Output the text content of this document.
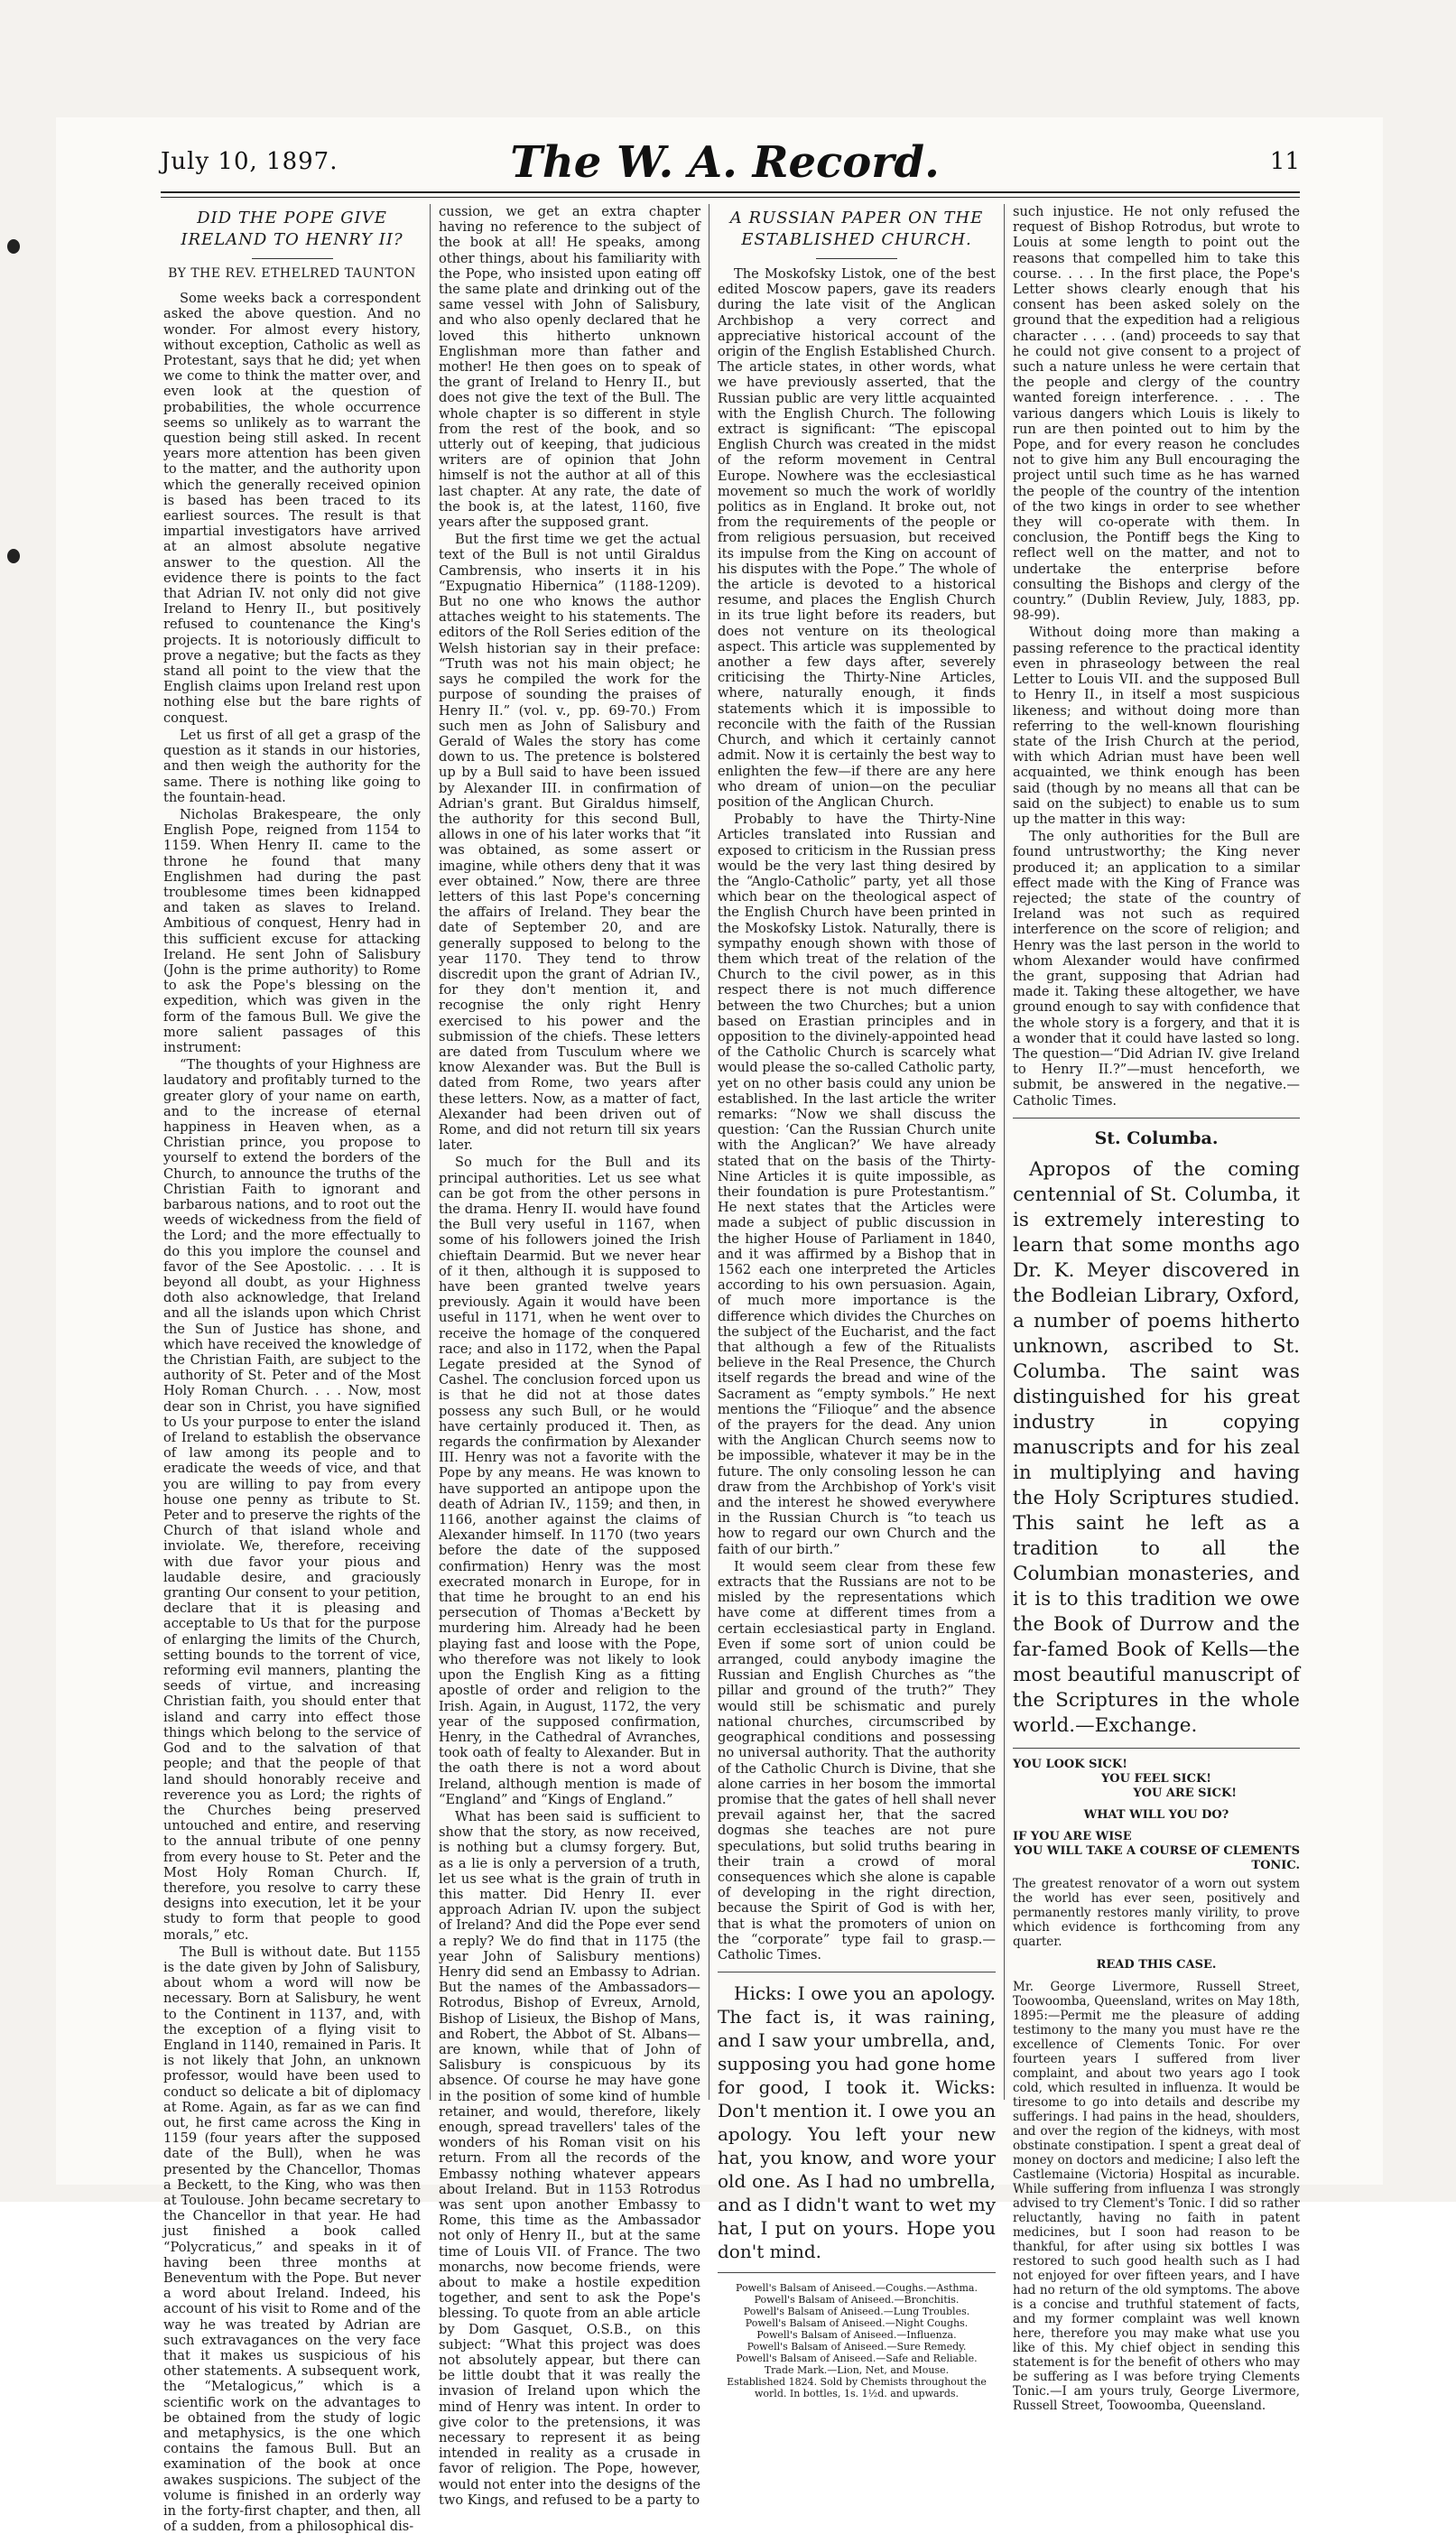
July 10, 1897.	The W. A. Record.	11
DID THE POPE GIVE IRELAND TO HENRY II?
BY THE REV. ETHELRED TAUNTON

Some weeks back a correspondent asked the above question. And no wonder. For almost every history, without exception, Catholic as well as Protestant, says that he did; yet when we come to think the matter over, and even look at the question of probabilities, the whole occurrence seems so unlikely as to warrant the question being still asked. In recent years more attention has been given to the matter, and the authority upon which the generally received opinion is based has been traced to its earliest sources. The result is that impartial investigators have arrived at an almost absolute negative answer to the question. All the evidence there is points to the fact that Adrian IV. not only did not give Ireland to Henry II., but positively refused to countenance the King's projects. It is notoriously difficult to prove a negative; but the facts as they stand all point to the view that the English claims upon Ireland rest upon nothing else but the bare rights of conquest.

Let us first of all get a grasp of the question as it stands in our histories, and then weigh the authority for the same. There is nothing like going to the fountain-head.

Nicholas Brakespeare, the only English Pope, reigned from 1154 to 1159. When Henry II. came to the throne he found that many Englishmen had during the past troublesome times been kidnapped and taken as slaves to Ireland. Ambitious of conquest, Henry had in this sufficient excuse for attacking Ireland. He sent John of Salisbury (John is the prime authority) to Rome to ask the Pope's blessing on the expedition, which was given in the form of the famous Bull. We give the more salient passages of this instrument:

“The thoughts of your Highness are laudatory and profitably turned to the greater glory of your name on earth, and to the increase of eternal happiness in Heaven when, as a Christian prince, you propose to yourself to extend the borders of the Church, to announce the truths of the Christian Faith to ignorant and barbarous nations, and to root out the weeds of wickedness from the field of the Lord; and the more effectually to do this you implore the counsel and favor of the See Apostolic. . . . It is beyond all doubt, as your Highness doth also acknowledge, that Ireland and all the islands upon which Christ the Sun of Justice has shone, and which have received the knowledge of the Christian Faith, are subject to the authority of St. Peter and of the Most Holy Roman Church. . . . Now, most dear son in Christ, you have signified to Us your purpose to enter the island of Ireland to establish the observance of law among its people and to eradicate the weeds of vice, and that you are willing to pay from every house one penny as tribute to St. Peter and to preserve the rights of the Church of that island whole and inviolate. We, therefore, receiving with due favor your pious and laudable desire, and graciously granting Our consent to your petition, declare that it is pleasing and acceptable to Us that for the purpose of enlarging the limits of the Church, setting bounds to the torrent of vice, reforming evil manners, planting the seeds of virtue, and increasing Christian faith, you should enter that island and carry into effect those things which belong to the service of God and to the salvation of that people; and that the people of that land should honorably receive and reverence you as Lord; the rights of the Churches being preserved untouched and entire, and reserving to the annual tribute of one penny from every house to St. Peter and the Most Holy Roman Church. If, therefore, you resolve to carry these designs into execution, let it be your study to form that people to good morals,” etc.

The Bull is without date. But 1155 is the date given by John of Salisbury, about whom a word will now be necessary. Born at Salisbury, he went to the Continent in 1137, and, with the exception of a flying visit to England in 1140, remained in Paris. It is not likely that John, an unknown professor, would have been used to conduct so delicate a bit of diplomacy at Rome. Again, as far as we can find out, he first came across the King in 1159 (four years after the supposed date of the Bull), when he was presented by the Chancellor, Thomas a Beckett, to the King, who was then at Toulouse. John became secretary to the Chancellor in that year. He had just finished a book called “Polycraticus,” and speaks in it of having been three months at Beneventum with the Pope. But never a word about Ireland. Indeed, his account of his visit to Rome and of the way he was treated by Adrian are such extravagances on the very face that it makes us suspicious of his other statements. A subsequent work, the “Metalogicus,” which is a scientific work on the advantages to be obtained from the study of logic and metaphysics, is the one which contains the famous Bull. But an examination of the book at once awakes suspicions. The subject of the volume is finished in an orderly way in the forty-first chapter, and then, all of a sudden, from a philosophical dis-

cussion, we get an extra chapter having no reference to the subject of the book at all! He speaks, among other things, about his familiarity with the Pope, who insisted upon eating off the same plate and drinking out of the same vessel with John of Salisbury, and who also openly declared that he loved this hitherto unknown Englishman more than father and mother! He then goes on to speak of the grant of Ireland to Henry II., but does not give the text of the Bull. The whole chapter is so different in style from the rest of the book, and so utterly out of keeping, that judicious writers are of opinion that John himself is not the author at all of this last chapter. At any rate, the date of the book is, at the latest, 1160, five years after the supposed grant.

But the first time we get the actual text of the Bull is not until Giraldus Cambrensis, who inserts it in his “Expugnatio Hibernica” (1188-1209). But no one who knows the author attaches weight to his statements. The editors of the Roll Series edition of the Welsh historian say in their preface: “Truth was not his main object; he says he compiled the work for the purpose of sounding the praises of Henry II.” (vol. v., pp. 69-70.) From such men as John of Salisbury and Gerald of Wales the story has come down to us. The pretence is bolstered up by a Bull said to have been issued by Alexander III. in confirmation of Adrian's grant. But Giraldus himself, the authority for this second Bull, allows in one of his later works that “it was obtained, as some assert or imagine, while others deny that it was ever obtained.” Now, there are three letters of this last Pope's concerning the affairs of Ireland. They bear the date of September 20, and are generally supposed to belong to the year 1170. They tend to throw discredit upon the grant of Adrian IV., for they don't mention it, and recognise the only right Henry exercised to his power and the submission of the chiefs. These letters are dated from Tusculum where we know Alexander was. But the Bull is dated from Rome, two years after these letters. Now, as a matter of fact, Alexander had been driven out of Rome, and did not return till six years later.

So much for the Bull and its principal authorities. Let us see what can be got from the other persons in the drama. Henry II. would have found the Bull very useful in 1167, when some of his followers joined the Irish chieftain Dearmid. But we never hear of it then, although it is supposed to have been granted twelve years previously. Again it would have been useful in 1171, when he went over to receive the homage of the conquered race; and also in 1172, when the Papal Legate presided at the Synod of Cashel. The conclusion forced upon us is that he did not at those dates possess any such Bull, or he would have certainly produced it. Then, as regards the confirmation by Alexander III. Henry was not a favorite with the Pope by any means. He was known to have supported an antipope upon the death of Adrian IV., 1159; and then, in 1166, another against the claims of Alexander himself. In 1170 (two years before the date of the supposed confirmation) Henry was the most execrated monarch in Europe, for in that time he brought to an end his persecution of Thomas a'Beckett by murdering him. Already had he been playing fast and loose with the Pope, who therefore was not likely to look upon the English King as a fitting apostle of order and religion to the Irish. Again, in August, 1172, the very year of the supposed confirmation, Henry, in the Cathedral of Avranches, took oath of fealty to Alexander. But in the oath there is not a word about Ireland, although mention is made of “England” and “Kings of England.”

What has been said is sufficient to show that the story, as now received, is nothing but a clumsy forgery. But, as a lie is only a perversion of a truth, let us see what is the grain of truth in this matter. Did Henry II. ever approach Adrian IV. upon the subject of Ireland? And did the Pope ever send a reply? We do find that in 1175 (the year John of Salisbury mentions) Henry did send an Embassy to Adrian. But the names of the Ambassadors—Rotrodus, Bishop of Evreux, Arnold, Bishop of Lisieux, the Bishop of Mans, and Robert, the Abbot of St. Albans—are known, while that of John of Salisbury is conspicuous by its absence. Of course he may have gone in the position of some kind of humble retainer, and would, therefore, likely enough, spread travellers' tales of the wonders of his Roman visit on his return. From all the records of the Embassy nothing whatever appears about Ireland. But in 1153 Rotrodus was sent upon another Embassy to Rome, this time as the Ambassador not only of Henry II., but at the same time of Louis VII. of France. The two monarchs, now become friends, were about to make a hostile expedition together, and sent to ask the Pope's blessing. To quote from an able article by Dom Gasquet, O.S.B., on this subject: “What this project was does not absolutely appear, but there can be little doubt that it was really the invasion of Ireland upon which the mind of Henry was intent. In order to give color to the pretensions, it was necessary to represent it as being intended in reality as a crusade in favor of religion. The Pope, however, would not enter into the designs of the two Kings, and refused to be a party to

A RUSSIAN PAPER ON THE ESTABLISHED CHURCH.

The Moskofsky Listok, one of the best edited Moscow papers, gave its readers during the late visit of the Anglican Archbishop a very correct and appreciative historical account of the origin of the English Established Church. The article states, in other words, what we have previously asserted, that the Russian public are very little acquainted with the English Church. The following extract is significant: “The episcopal English Church was created in the midst of the reform movement in Central Europe. Nowhere was the ecclesiastical movement so much the work of worldly politics as in England. It broke out, not from the requirements of the people or from religious persuasion, but received its impulse from the King on account of his disputes with the Pope.” The whole of the article is devoted to a historical resume, and places the English Church in its true light before its readers, but does not venture on its theological aspect. This article was supplemented by another a few days after, severely criticising the Thirty-Nine Articles, where, naturally enough, it finds statements which it is impossible to reconcile with the faith of the Russian Church, and which it certainly cannot admit. Now it is certainly the best way to enlighten the few—if there are any here who dream of union—on the peculiar position of the Anglican Church.

Probably to have the Thirty-Nine Articles translated into Russian and exposed to criticism in the Russian press would be the very last thing desired by the “Anglo-Catholic” party, yet all those which bear on the theological aspect of the English Church have been printed in the Moskofsky Listok. Naturally, there is sympathy enough shown with those of them which treat of the relation of the Church to the civil power, as in this respect there is not much difference between the two Churches; but a union based on Erastian principles and in opposition to the divinely-appointed head of the Catholic Church is scarcely what would please the so-called Catholic party, yet on no other basis could any union be established. In the last article the writer remarks: “Now we shall discuss the question: ‘Can the Russian Church unite with the Anglican?’ We have already stated that on the basis of the Thirty-Nine Articles it is quite impossible, as their foundation is pure Protestantism.” He next states that the Articles were made a subject of public discussion in the higher House of Parliament in 1840, and it was affirmed by a Bishop that in 1562 each one interpreted the Articles according to his own persuasion. Again, of much more importance is the difference which divides the Churches on the subject of the Eucharist, and the fact that although a few of the Ritualists believe in the Real Presence, the Church itself regards the bread and wine of the Sacrament as “empty symbols.” He next mentions the “Filioque” and the absence of the prayers for the dead. Any union with the Anglican Church seems now to be impossible, whatever it may be in the future. The only consoling lesson he can draw from the Archbishop of York's visit and the interest he showed everywhere in the Russian Church is “to teach us how to regard our own Church and the faith of our birth.”

It would seem clear from these few extracts that the Russians are not to be misled by the representations which have come at different times from a certain ecclesiastical party in England. Even if some sort of union could be arranged, could anybody imagine the Russian and English Churches as “the pillar and ground of the truth?” They would still be schismatic and purely national churches, circumscribed by geographical conditions and possessing no universal authority. That the authority of the Catholic Church is Divine, that she alone carries in her bosom the immortal promise that the gates of hell shall never prevail against her, that the sacred dogmas she teaches are not pure speculations, but solid truths bearing in their train a crowd of moral consequences which she alone is capable of developing in the right direction, because the Spirit of God is with her, that is what the promoters of union on the “corporate” type fail to grasp.—Catholic Times.

Hicks: I owe you an apology. The fact is, it was raining, and I saw your umbrella, and, supposing you had gone home for good, I took it. Wicks: Don't mention it. I owe you an apology. You left your new hat, you know, and wore your old one. As I had no umbrella, and as I didn't want to wet my hat, I put on yours. Hope you don't mind.

Powell's Balsam of Aniseed.—Coughs.—Asthma.
Powell's Balsam of Aniseed.—Bronchitis.
Powell's Balsam of Aniseed.—Lung Troubles.
Powell's Balsam of Aniseed.—Night Coughs.
Powell's Balsam of Aniseed.—Influenza.
Powell's Balsam of Aniseed.—Sure Remedy.
Powell's Balsam of Aniseed.—Safe and Reliable.
Trade Mark.—Lion, Net, and Mouse.
Established 1824. Sold by Chemists throughout the world. In bottles, 1s. 1½d. and upwards.

such injustice. He not only refused the request of Bishop Rotrodus, but wrote to Louis at some length to point out the reasons that compelled him to take this course. . . . In the first place, the Pope's Letter shows clearly enough that his consent has been asked solely on the ground that the expedition had a religious character . . . . (and) proceeds to say that he could not give consent to a project of such a nature unless he were certain that the people and clergy of the country wanted foreign interference. . . . The various dangers which Louis is likely to run are then pointed out to him by the Pope, and for every reason he concludes not to give him any Bull encouraging the project until such time as he has warned the people of the country of the intention of the two kings in order to see whether they will co-operate with them. In conclusion, the Pontiff begs the King to reflect well on the matter, and not to undertake the enterprise before consulting the Bishops and clergy of the country.” (Dublin Review, July, 1883, pp. 98-99).

Without doing more than making a passing reference to the practical identity even in phraseology between the real Letter to Louis VII. and the supposed Bull to Henry II., in itself a most suspicious likeness; and without doing more than referring to the well-known flourishing state of the Irish Church at the period, with which Adrian must have been well acquainted, we think enough has been said (though by no means all that can be said on the subject) to enable us to sum up the matter in this way:

The only authorities for the Bull are found untrustworthy; the King never produced it; an application to a similar effect made with the King of France was rejected; the state of the country of Ireland was not such as required interference on the score of religion; and Henry was the last person in the world to whom Alexander would have confirmed the grant, supposing that Adrian had made it. Taking these altogether, we have ground enough to say with confidence that the whole story is a forgery, and that it is a wonder that it could have lasted so long. The question—“Did Adrian IV. give Ireland to Henry II.?”—must henceforth, we submit, be answered in the negative.—Catholic Times.

St. Columba.

Apropos of the coming centennial of St. Columba, it is extremely interesting to learn that some months ago Dr. K. Meyer discovered in the Bodleian Library, Oxford, a number of poems hitherto unknown, ascribed to St. Columba. The saint was distinguished for his great industry in copying manuscripts and for his zeal in multiplying and having the Holy Scriptures studied. This saint he left as a tradition to all the Columbian monasteries, and it is to this tradition we owe the Book of Durrow and the far-famed Book of Kells—the most beautiful manuscript of the Scriptures in the whole world.—Exchange.

YOU LOOK SICK!
YOU FEEL SICK!
YOU ARE SICK!
WHAT WILL YOU DO?
IF YOU ARE WISE
YOU WILL TAKE A COURSE OF CLEMENTS TONIC.

The greatest renovator of a worn out system the world has ever seen, positively and permanently restores manly virility, to prove which evidence is forthcoming from any quarter.

READ THIS CASE.

Mr. George Livermore, Russell Street, Toowoomba, Queensland, writes on May 18th, 1895:—Permit me the pleasure of adding testimony to the many you must have re the excellence of Clements Tonic. For over fourteen years I suffered from liver complaint, and about two years ago I took cold, which resulted in influenza. It would be tiresome to go into details and describe my sufferings. I had pains in the head, shoulders, and over the region of the kidneys, with most obstinate constipation. I spent a great deal of money on doctors and medicine; I also left the Castlemaine (Victoria) Hospital as incurable. While suffering from influenza I was strongly advised to try Clement's Tonic. I did so rather reluctantly, having no faith in patent medicines, but I soon had reason to be thankful, for after using six bottles I was restored to such good health such as I had not enjoyed for over fifteen years, and I have had no return of the old symptoms. The above is a concise and truthful statement of facts, and my former complaint was well known here, therefore you may make what use you like of this. My chief object in sending this statement is for the benefit of others who may be suffering as I was before trying Clements Tonic.—I am yours truly, George Livermore, Russell Street, Toowoomba, Queensland.
